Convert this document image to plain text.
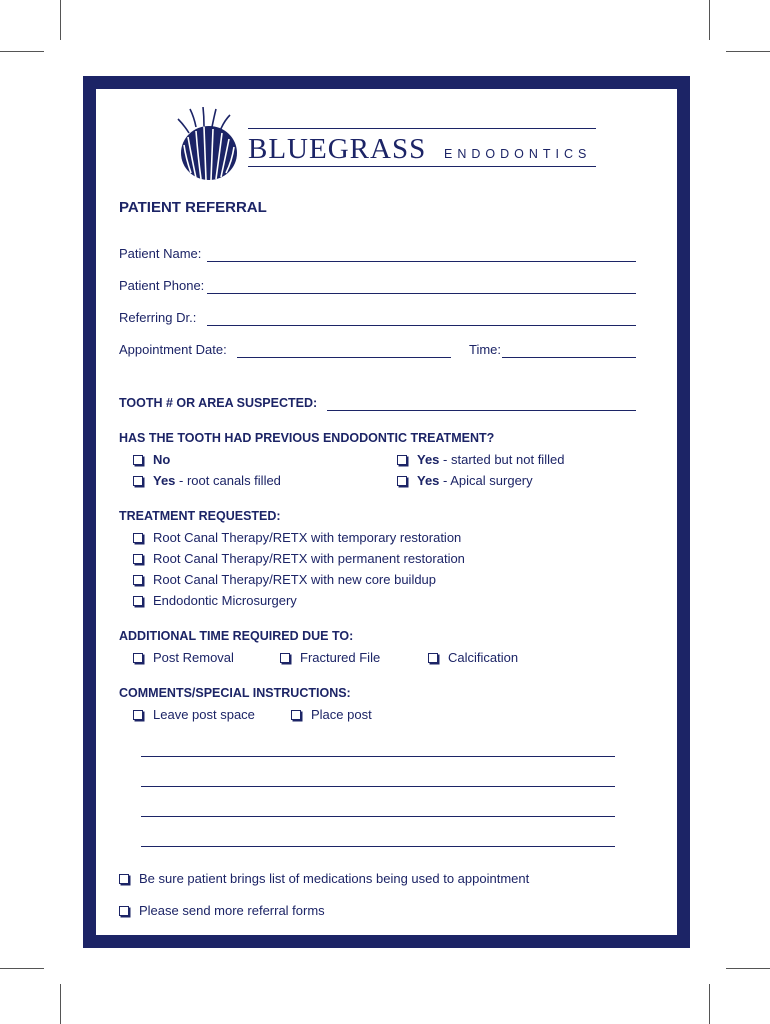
BLUEGRASS ENDODONTICS
PATIENT REFERRAL
Patient Name:
Patient Phone:
Referring Dr.:
Appointment Date:	Time:
TOOTH # OR AREA SUSPECTED:
HAS THE TOOTH HAD PREVIOUS ENDODONTIC TREATMENT?
No
Yes - root canals filled
Yes - started but not filled
Yes - Apical surgery
TREATMENT REQUESTED:
Root Canal Therapy/RETX with temporary restoration
Root Canal Therapy/RETX with permanent restoration
Root Canal Therapy/RETX with new core buildup
Endodontic Microsurgery
ADDITIONAL TIME REQUIRED DUE TO:
Post Removal	Fractured File	Calcification
COMMENTS/SPECIAL INSTRUCTIONS:
Leave post space	Place post
Be sure patient brings list of medications being used to appointment
Please send more referral forms
